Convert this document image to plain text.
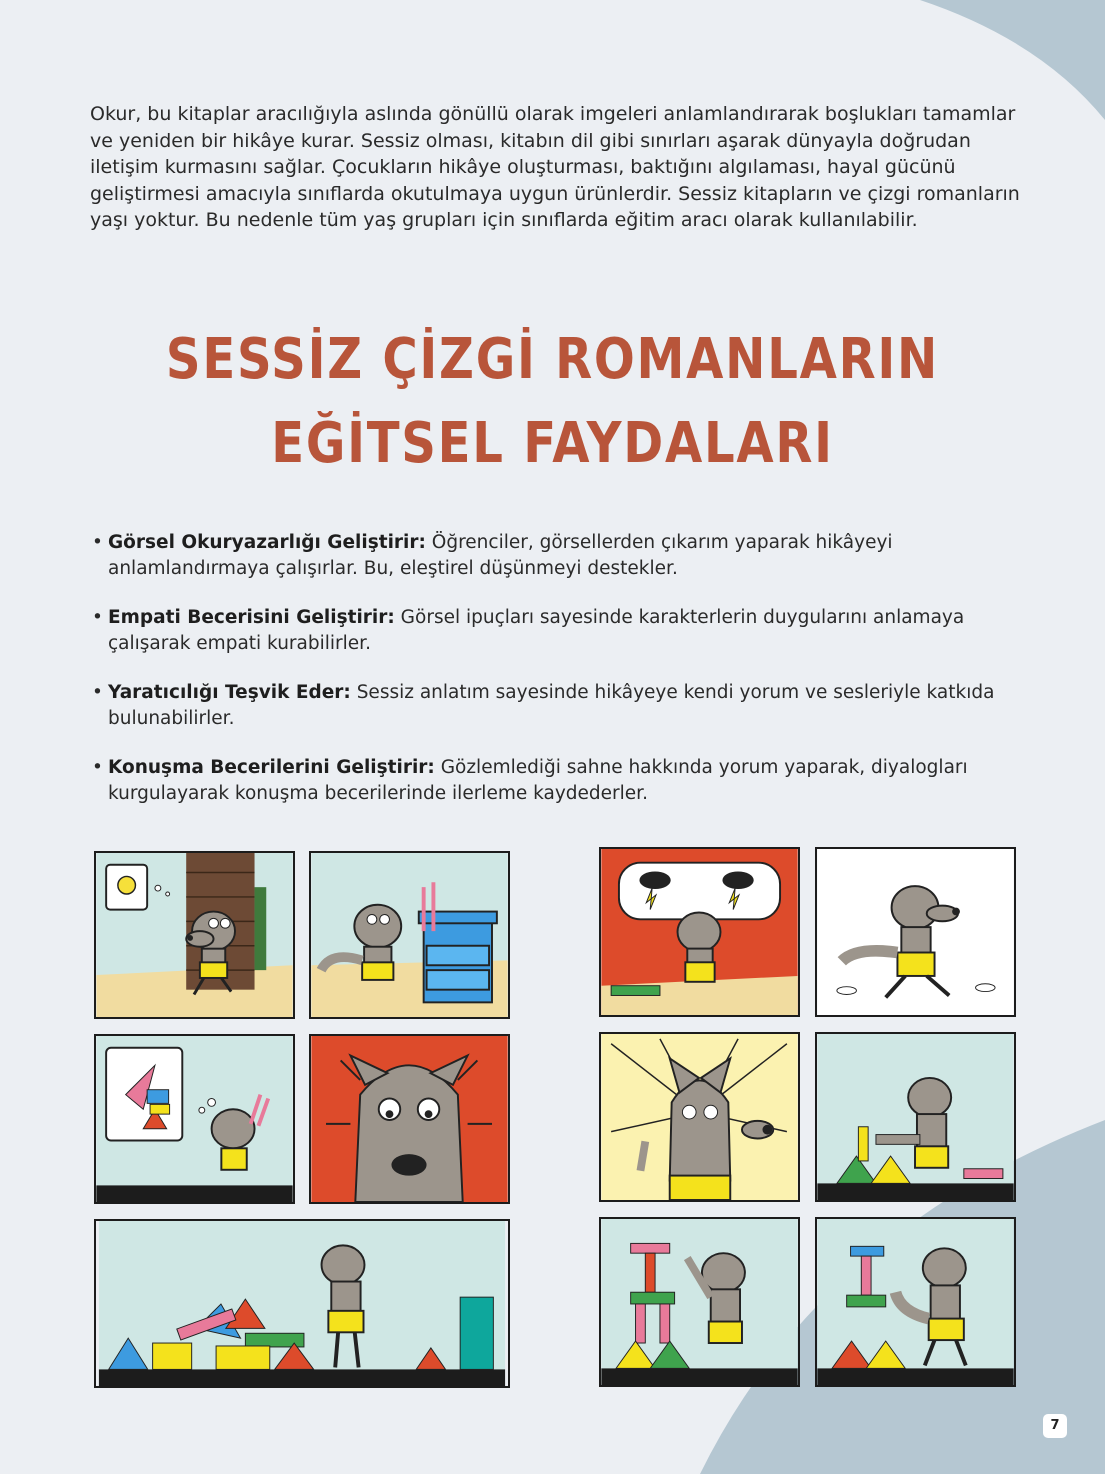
Okur, bu kitaplar aracılığıyla aslında gönüllü olarak imgeleri anlamlandırarak boşlukları tamamlar ve yeniden bir hikâye kurar. Sessiz olması, kitabın dil gibi sınırları aşarak dünyayla doğrudan iletişim kurmasını sağlar. Çocukların hikâye oluşturması, baktığını algılaması, hayal gücünü geliştirmesi amacıyla sınıflarda okutulmaya uygun ürünlerdir. Sessiz kitapların ve çizgi romanların yaşı yoktur. Bu nedenle tüm yaş grupları için sınıflarda eğitim aracı olarak kullanılabilir.

SESSİZ ÇİZGİ ROMANLARIN
EĞİTSEL FAYDALARI
• Görsel Okuryazarlığı Geliştirir: Öğrenciler, görsellerden çıkarım yaparak hikâyeyi anlamlandırmaya çalışırlar. Bu, eleştirel düşünmeyi destekler.
• Empati Becerisini Geliştirir: Görsel ipuçları sayesinde karakterlerin duygularını anlamaya çalışarak empati kurabilirler.
• Yaratıcılığı Teşvik Eder: Sessiz anlatım sayesinde hikâyeye kendi yorum ve sesleriyle katkıda bulunabilirler.
• Konuşma Becerilerini Geliştirir: Gözlemlediği sahne hakkında yorum yaparak, diyalogları kurgulayarak konuşma becerilerinde ilerleme kaydederler.
7
